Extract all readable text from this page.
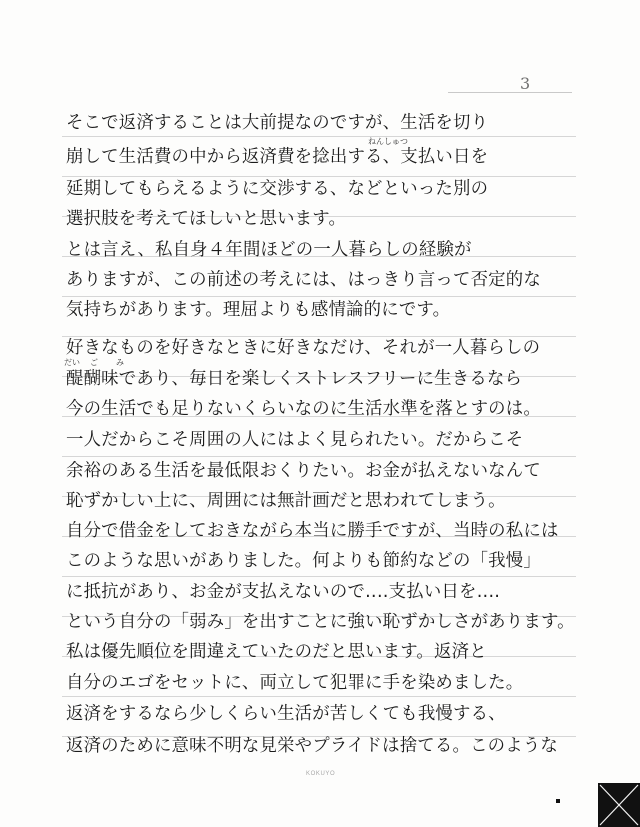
3
そこで返済することは大前提なのですが、生活を切り
崩して生活費の中から返済費を捻出する、支払い日を
延期してもらえるように交渉する、などといった別の
選択肢を考えてほしいと思います。
とは言え、私自身４年間ほどの一人暮らしの経験が
ありますが、この前述の考えには、はっきり言って否定的な
気持ちがあります。理屈よりも感情論的にです。
好きなものを好きなときに好きなだけ、それが一人暮らしの
醍醐味であり、毎日を楽しくストレスフリーに生きるなら
今の生活でも足りないくらいなのに生活水準を落とすのは。
一人だからこそ周囲の人にはよく見られたい。だからこそ
余裕のある生活を最低限おくりたい。お金が払えないなんて
恥ずかしい上に、周囲には無計画だと思われてしまう。
自分で借金をしておきながら本当に勝手ですが、当時の私には
このような思いがありました。何よりも節約などの「我慢」
に抵抗があり、お金が支払えないので‥‥支払い日を‥‥
という自分の「弱み」を出すことに強い恥ずかしさがあります。
私は優先順位を間違えていたのだと思います。返済と
自分のエゴをセットに、両立して犯罪に手を染めました。
返済をするなら少しくらい生活が苦しくても我慢する、
返済のために意味不明な見栄やプライドは捨てる。このような
ねんしゅつ
だい ご み
KOKUYO
